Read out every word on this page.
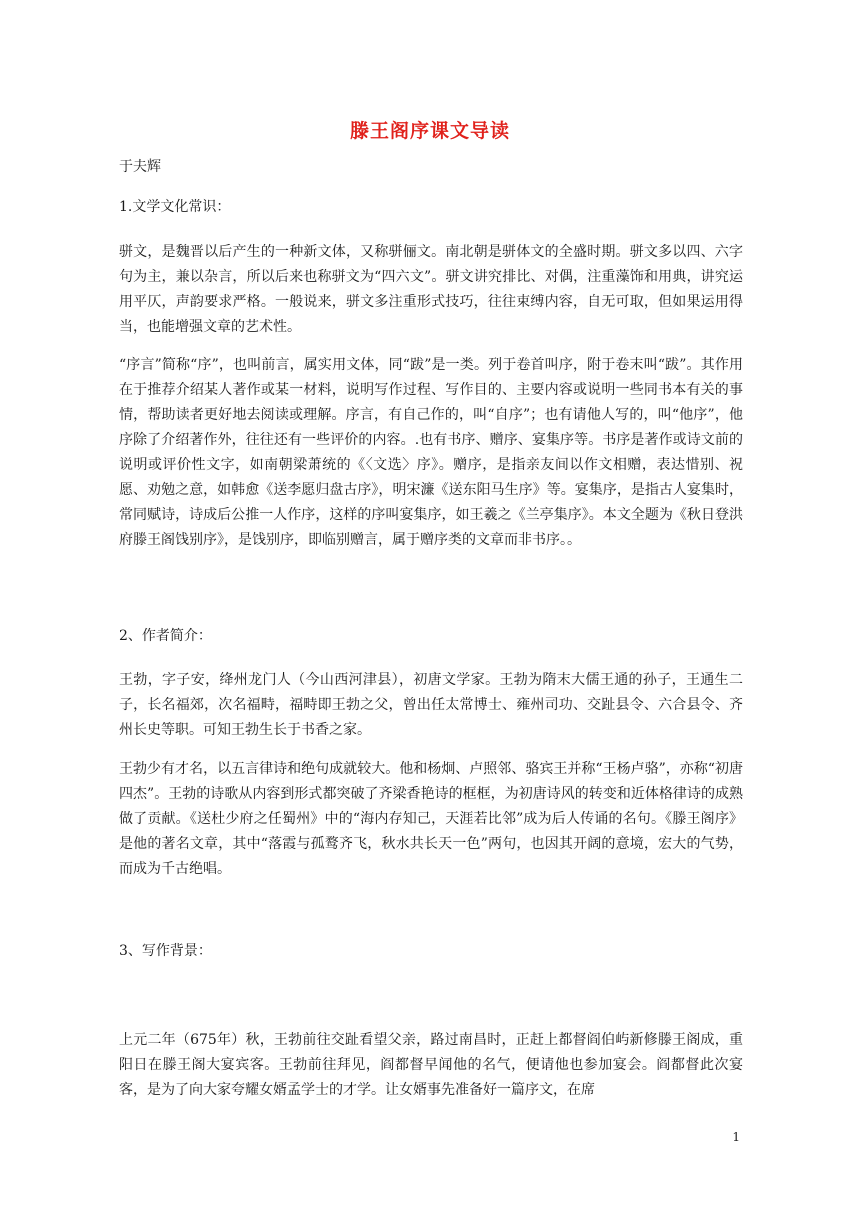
滕王阁序课文导读

于夫辉

1.文学文化常识：

骈文，是魏晋以后产生的一种新文体，又称骈俪文。南北朝是骈体文的全盛时期。骈文多以四、六字句为主，兼以杂言，所以后来也称骈文为“四六文”。骈文讲究排比、对偶，注重藻饰和用典，讲究运用平仄，声韵要求严格。一般说来，骈文多注重形式技巧，往往束缚内容，自无可取，但如果运用得当，也能增强文章的艺术性。

“序言”简称“序”，也叫前言，属实用文体，同“跋”是一类。列于卷首叫序，附于卷末叫“跋”。其作用在于推荐介绍某人著作或某一材料，说明写作过程、写作目的、主要内容或说明一些同书本有关的事情，帮助读者更好地去阅读或理解。序言，有自己作的，叫“自序”；也有请他人写的，叫“他序”，他序除了介绍著作外，往往还有一些评价的内容。.也有书序、赠序、宴集序等。书序是著作或诗文前的说明或评价性文字，如南朝梁萧统的《〈文选〉序》。赠序，是指亲友间以作文相赠，表达惜别、祝愿、劝勉之意，如韩愈《送李愿归盘古序》，明宋濂《送东阳马生序》等。宴集序，是指古人宴集时，常同赋诗，诗成后公推一人作序，这样的序叫宴集序，如王羲之《兰亭集序》。本文全题为《秋日登洪府滕王阁饯别序》，是饯别序，即临别赠言，属于赠序类的文章而非书序。。

2、作者简介：

王勃，字子安，绛州龙门人（今山西河津县），初唐文学家。王勃为隋末大儒王通的孙子，王通生二子，长名福郊，次名福畤，福畤即王勃之父，曾出任太常博士、雍州司功、交趾县令、六合县令、齐州长史等职。可知王勃生长于书香之家。

王勃少有才名，以五言律诗和绝句成就较大。他和杨炯、卢照邻、骆宾王并称“王杨卢骆”，亦称“初唐四杰”。王勃的诗歌从内容到形式都突破了齐梁香艳诗的框框，为初唐诗风的转变和近体格律诗的成熟做了贡献。《送杜少府之任蜀州》中的“海内存知己，天涯若比邻”成为后人传诵的名句。《滕王阁序》是他的著名文章，其中“落霞与孤鹜齐飞，秋水共长天一色”两句，也因其开阔的意境，宏大的气势，而成为千古绝唱。

3、写作背景：

上元二年（675年）秋，王勃前往交趾看望父亲，路过南昌时，正赶上都督阎伯屿新修滕王阁成，重阳日在滕王阁大宴宾客。王勃前往拜见，阎都督早闻他的名气，便请他也参加宴会。阎都督此次宴客，是为了向大家夸耀女婿孟学士的才学。让女婿事先准备好一篇序文，在席

1
